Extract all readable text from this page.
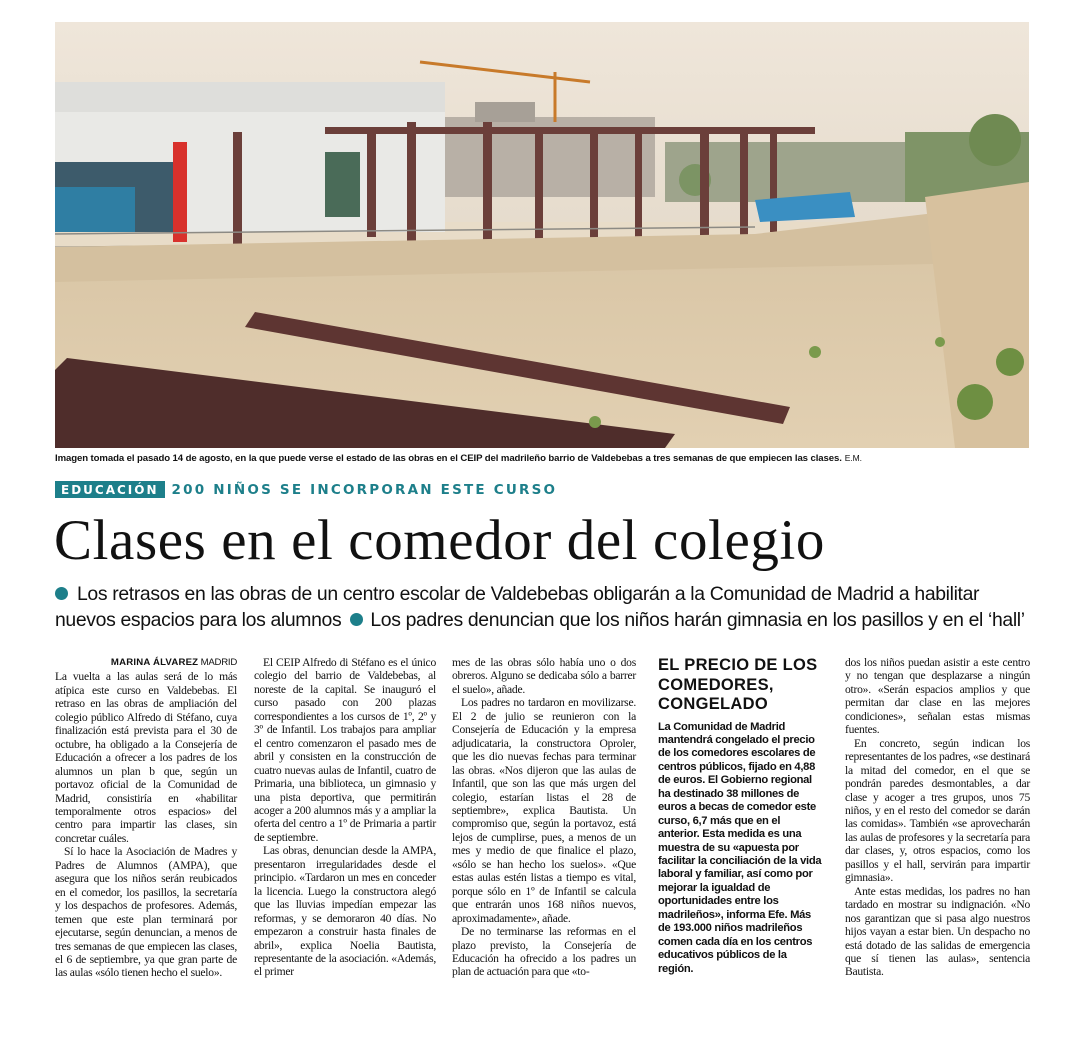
Imagen tomada el pasado 14 de agosto, en la que puede verse el estado de las obras en el CEIP del madrileño barrio de Valdebebas a tres semanas de que empiecen las clases. E.M.
EDUCACIÓN 200 NIÑOS SE INCORPORAN ESTE CURSO
Clases en el comedor del colegio
Los retrasos en las obras de un centro escolar de Valdebebas obligarán a la Comunidad de Madrid a habilitar nuevos espacios para los alumnos Los padres denuncian que los niños harán gimnasia en los pasillos y en el ‘hall’
MARINA ÁLVAREZ MADRID

La vuelta a las aulas será de lo más atípica este curso en Valdebebas. El retraso en las obras de ampliación del colegio público Alfredo di Stéfano, cuya finalización está prevista para el 30 de octubre, ha obligado a la Consejería de Educación a ofrecer a los padres de los alumnos un plan b que, según un portavoz oficial de la Comunidad de Madrid, consistiría en «habilitar temporalmente otros espacios» del centro para impartir las clases, sin concretar cuáles.

Sí lo hace la Asociación de Madres y Padres de Alumnos (AMPA), que asegura que los niños serán reubicados en el comedor, los pasillos, la secretaría y los despachos de profesores. Además, temen que este plan terminará por ejecutarse, según denuncian, a menos de tres semanas de que empiecen las clases, el 6 de septiembre, ya que gran parte de las aulas «sólo tienen hecho el suelo».

El CEIP Alfredo di Stéfano es el único colegio del barrio de Valdebebas, al noreste de la capital. Se inauguró el curso pasado con 200 plazas correspondientes a los cursos de 1º, 2º y 3º de Infantil. Los trabajos para ampliar el centro comenzaron el pasado mes de abril y consisten en la construcción de cuatro nuevas aulas de Infantil, cuatro de Primaria, una biblioteca, un gimnasio y una pista deportiva, que permitirán acoger a 200 alumnos más y a ampliar la oferta del centro a 1º de Primaria a partir de septiembre.

Las obras, denuncian desde la AMPA, presentaron irregularidades desde el principio. «Tardaron un mes en conceder la licencia. Luego la constructora alegó que las lluvias impedían empezar las reformas, y se demoraron 40 días. No empezaron a construir hasta finales de abril», explica Noelia Bautista, representante de la asociación. «Además, el primer

mes de las obras sólo había uno o dos obreros. Alguno se dedicaba sólo a barrer el suelo», añade.

Los padres no tardaron en movilizarse. El 2 de julio se reunieron con la Consejería de Educación y la empresa adjudicataria, la constructora Oproler, que les dio nuevas fechas para terminar las obras. «Nos dijeron que las aulas de Infantil, que son las que más urgen del colegio, estarían listas el 28 de septiembre», explica Bautista. Un compromiso que, según la portavoz, está lejos de cumplirse, pues, a menos de un mes y medio de que finalice el plazo, «sólo se han hecho los suelos». «Que estas aulas estén listas a tiempo es vital, porque sólo en 1º de Infantil se calcula que entrarán unos 168 niños nuevos, aproximadamente», añade.

De no terminarse las reformas en el plazo previsto, la Consejería de Educación ha ofrecido a los padres un plan de actuación para que «to-

EL PRECIO DE LOS COMEDORES, CONGELADO
La Comunidad de Madrid mantendrá congelado el precio de los comedores escolares de centros públicos, fijado en 4,88 de euros. El Gobierno regional ha destinado 38 millones de euros a becas de comedor este curso, 6,7 más que en el anterior. Esta medida es una muestra de su «apuesta por facilitar la conciliación de la vida laboral y familiar, así como por mejorar la igualdad de oportunidades entre los madrileños», informa Efe. Más de 193.000 niños madrileños comen cada día en los centros educativos públicos de la región.

dos los niños puedan asistir a este centro y no tengan que desplazarse a ningún otro». «Serán espacios amplios y que permitan dar clase en las mejores condiciones», señalan estas mismas fuentes.

En concreto, según indican los representantes de los padres, «se destinará la mitad del comedor, en el que se pondrán paredes desmontables, a dar clase y acoger a tres grupos, unos 75 niños, y en el resto del comedor se darán las comidas». También «se aprovecharán las aulas de profesores y la secretaría para dar clases, y, otros espacios, como los pasillos y el hall, servirán para impartir gimnasia».

Ante estas medidas, los padres no han tardado en mostrar su indignación. «No nos garantizan que si pasa algo nuestros hijos vayan a estar bien. Un despacho no está dotado de las salidas de emergencia que sí tienen las aulas», sentencia Bautista.
